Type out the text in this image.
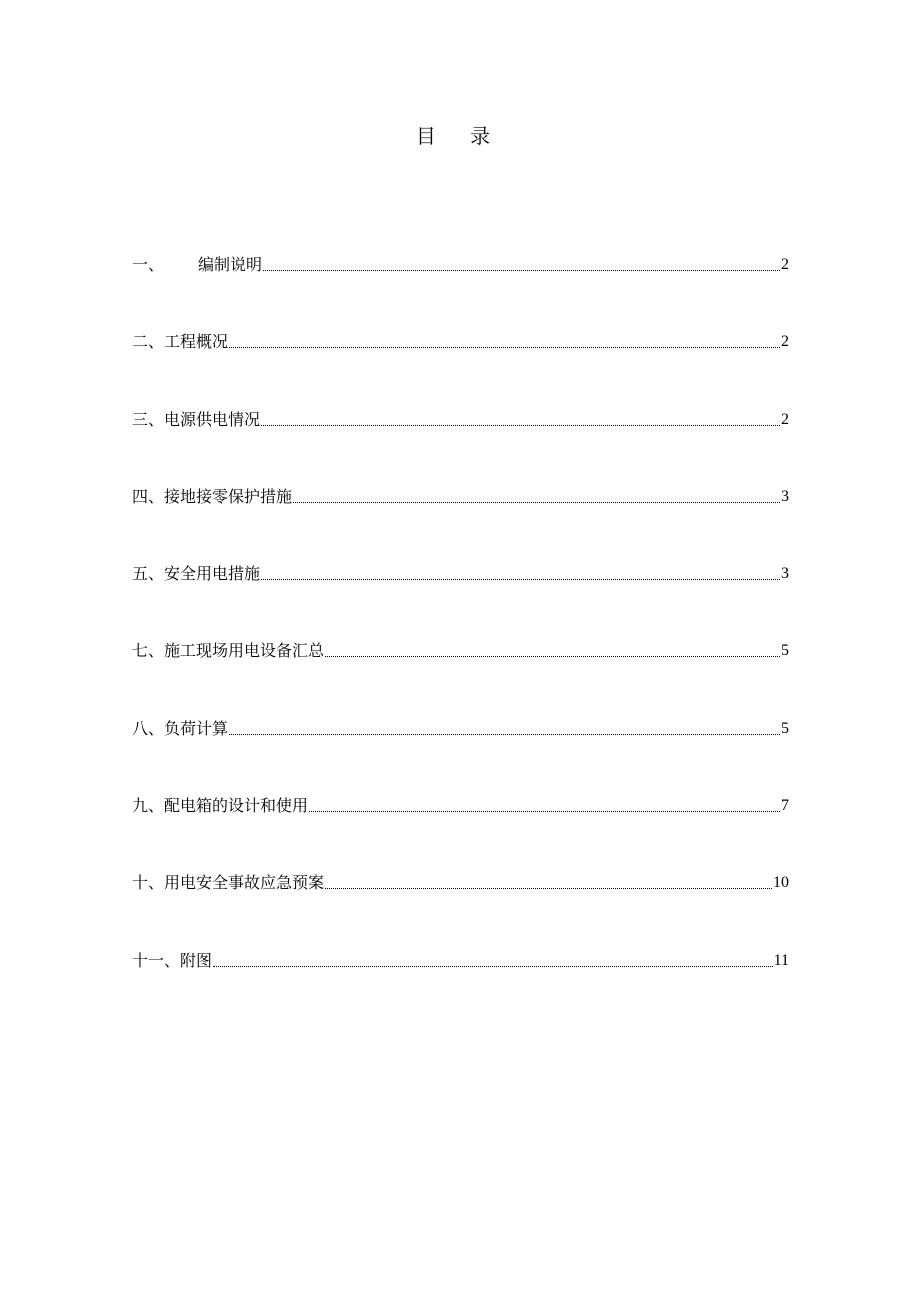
目 录
一、 编制说明	2
二、工程概况	2
三、电源供电情况	2
四、接地接零保护措施	3
五、安全用电措施	3
七、施工现场用电设备汇总	5
八、负荷计算	5
九、配电箱的设计和使用	7
十、用电安全事故应急预案	10
十一、附图	11
